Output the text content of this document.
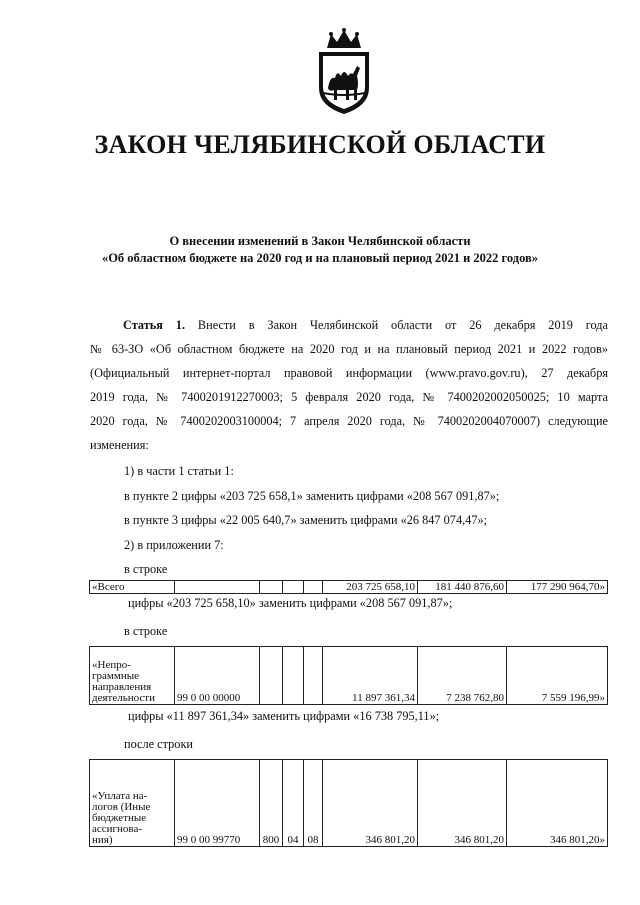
ЗАКОН ЧЕЛЯБИНСКОЙ ОБЛАСТИ
О внесении изменений в Закон Челябинской области
«Об областном бюджете на 2020 год и на плановый период 2021 и 2022 годов»
Статья 1. Внести в Закон Челябинской области от 26 декабря 2019 года
№ 63-ЗО «Об областном бюджете на 2020 год и на плановый период 2021 и 2022 годов»
(Официальный интернет-портал правовой информации (www.pravo.gov.ru), 27 декабря
2019 года, № 7400201912270003; 5 февраля 2020 года, № 7400202002050025; 10 марта
2020 года, № 7400202003100004; 7 апреля 2020 года, № 7400202004070007) следующие
изменения:
1) в части 1 статьи 1:
в пункте 2 цифры «203 725 658,1» заменить цифрами «208 567 091,87»;
в пункте 3 цифры «22 005 640,7» заменить цифрами «26 847 074,47»;
2) в приложении 7:
в строке
«Всего					203 725 658,10	181 440 876,60	177 290 964,70»
цифры «203 725 658,10» заменить цифрами «208 567 091,87»;
в строке
«Непро-
граммные
направления
деятельности	99 0 00 00000				11 897 361,34	7 238 762,80	7 559 196,99»
цифры «11 897 361,34» заменить цифрами «16 738 795,11»;
после строки
«Уплата на-
логов (Иные
бюджетные
ассигнова-
ния)	99 0 00 99770	800	04	08	346 801,20	346 801,20	346 801,20»
